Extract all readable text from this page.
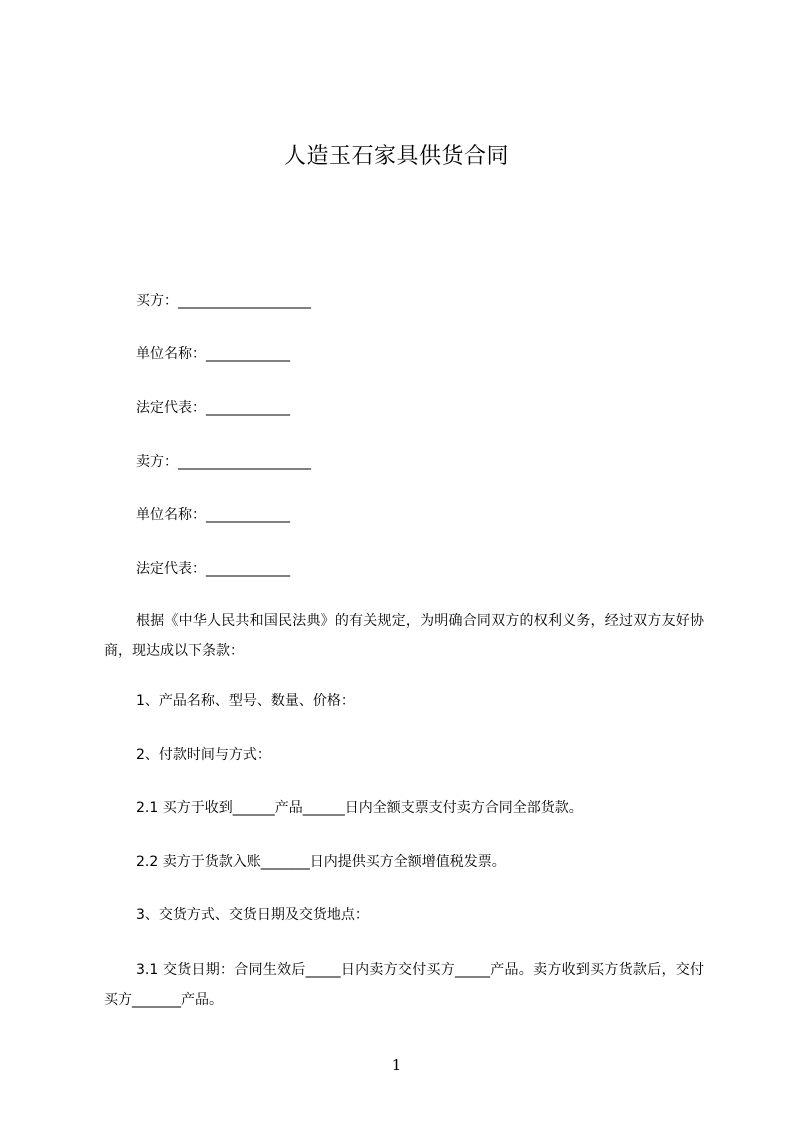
人造玉石家具供货合同
买方：___________________
单位名称：____________
法定代表：____________
卖方：___________________
单位名称：____________
法定代表：____________

根据《中华人民共和国民法典》的有关规定，为明确合同双方的权利义务，经过双方友好协商，现达成以下条款：

1、产品名称、型号、数量、价格：
2、付款时间与方式：
2.1 买方于收到______产品______日内全额支票支付卖方合同全部货款。
2.2 卖方于货款入账_______日内提供买方全额增值税发票。
3、交货方式、交货日期及交货地点：

3.1 交货日期：合同生效后_____日内卖方交付买方_____产品。卖方收到买方货款后，交付买方_______产品。

1
